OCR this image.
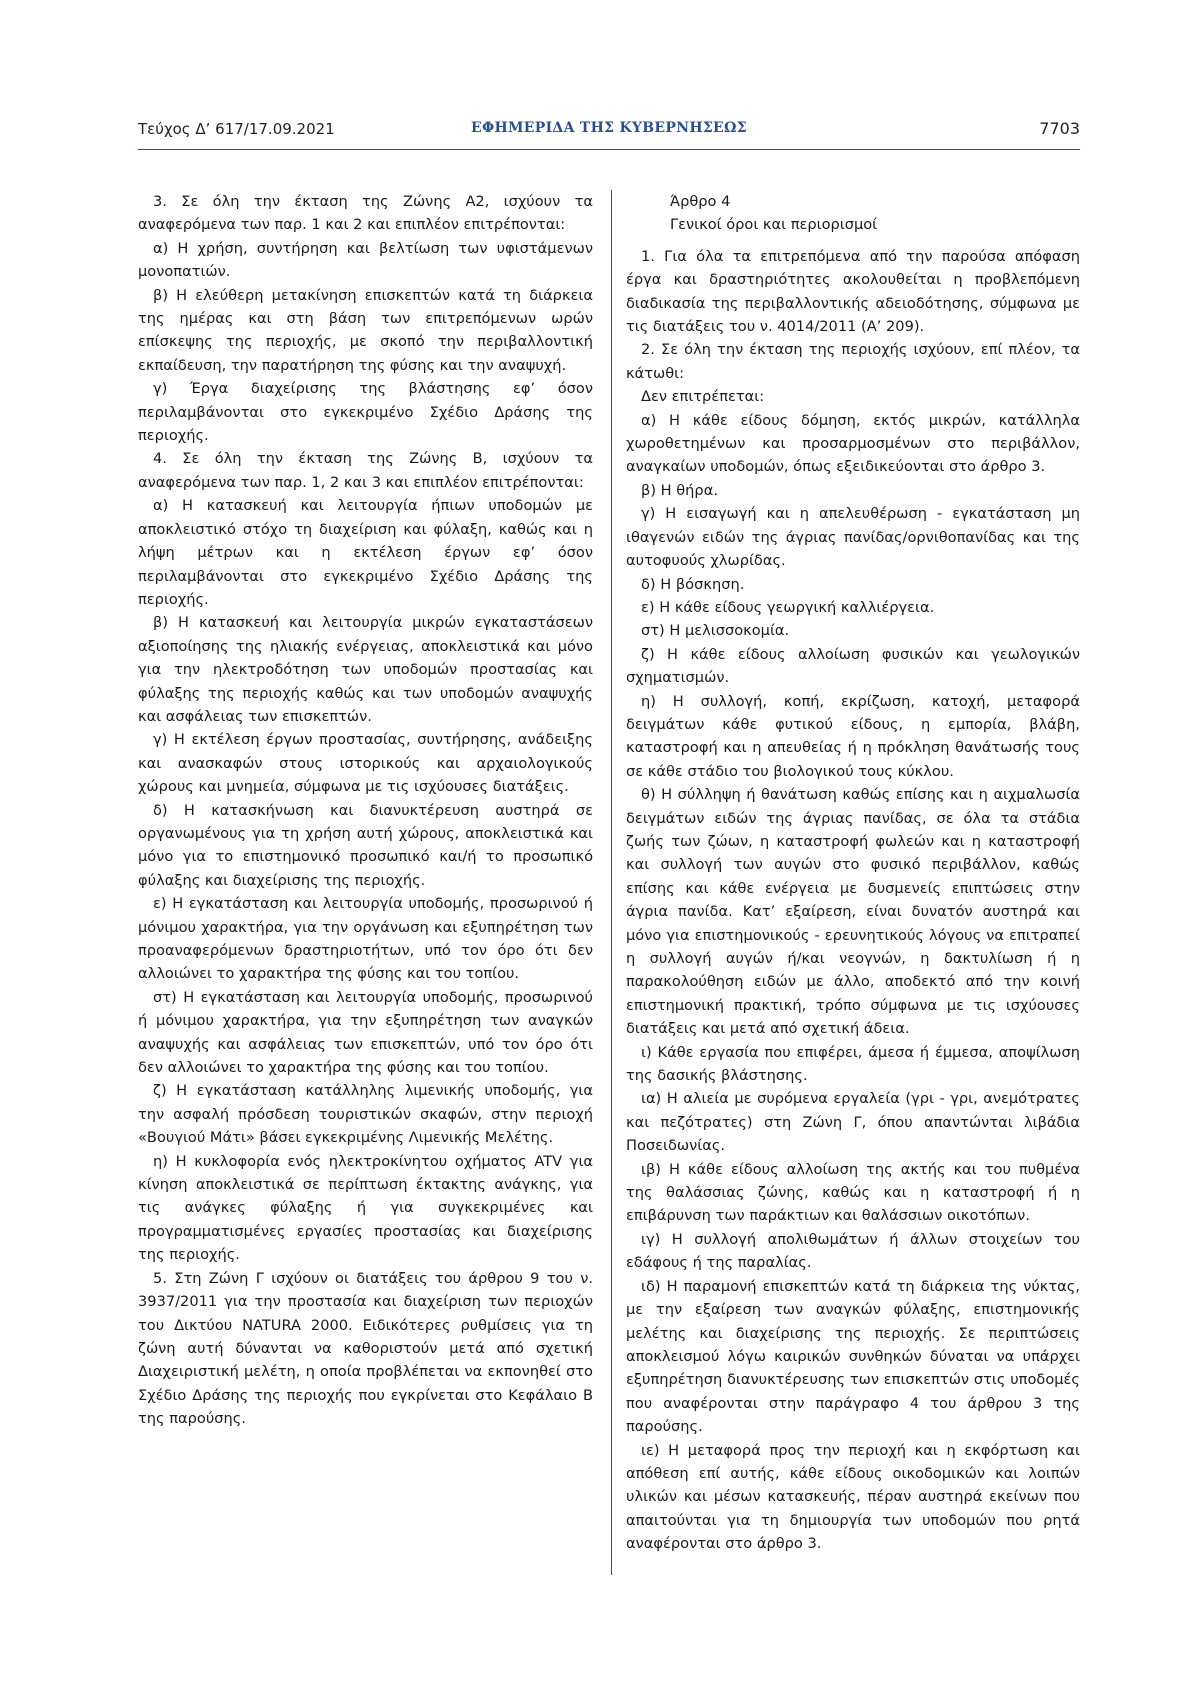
Τεύχος Δ’ 617/17.09.2021	ΕΦΗΜΕΡΙΔΑ ΤΗΣ ΚΥΒΕΡΝΗΣΕΩΣ	7703

3. Σε όλη την έκταση της Ζώνης Α2, ισχύουν τα αναφερόμενα των παρ. 1 και 2 και επιπλέον επιτρέπονται:

α) Η χρήση, συντήρηση και βελτίωση των υφιστάμενων μονοπατιών.

β) Η ελεύθερη μετακίνηση επισκεπτών κατά τη διάρκεια της ημέρας και στη βάση των επιτρεπόμενων ωρών επίσκεψης της περιοχής, με σκοπό την περιβαλλοντική εκπαίδευση, την παρατήρηση της φύσης και την αναψυχή.

γ) Έργα διαχείρισης της βλάστησης εφ’ όσον περιλαμβάνονται στο εγκεκριμένο Σχέδιο Δράσης της περιοχής.

4. Σε όλη την έκταση της Ζώνης Β, ισχύουν τα αναφερόμενα των παρ. 1, 2 και 3 και επιπλέον επιτρέπονται:

α) Η κατασκευή και λειτουργία ήπιων υποδομών με αποκλειστικό στόχο τη διαχείριση και φύλαξη, καθώς και η λήψη μέτρων και η εκτέλεση έργων εφ’ όσον περιλαμβάνονται στο εγκεκριμένο Σχέδιο Δράσης της περιοχής.

β) Η κατασκευή και λειτουργία μικρών εγκαταστάσεων αξιοποίησης της ηλιακής ενέργειας, αποκλειστικά και μόνο για την ηλεκτροδότηση των υποδομών προστασίας και φύλαξης της περιοχής καθώς και των υποδομών αναψυχής και ασφάλειας των επισκεπτών.

γ) Η εκτέλεση έργων προστασίας, συντήρησης, ανάδειξης και ανασκαφών στους ιστορικούς και αρχαιολογικούς χώρους και μνημεία, σύμφωνα με τις ισχύουσες διατάξεις.

δ) Η κατασκήνωση και διανυκτέρευση αυστηρά σε οργανωμένους για τη χρήση αυτή χώρους, αποκλειστικά και μόνο για το επιστημονικό προσωπικό και/ή το προσωπικό φύλαξης και διαχείρισης της περιοχής.

ε) Η εγκατάσταση και λειτουργία υποδομής, προσωρινού ή μόνιμου χαρακτήρα, για την οργάνωση και εξυπηρέτηση των προαναφερόμενων δραστηριοτήτων, υπό τον όρο ότι δεν αλλοιώνει το χαρακτήρα της φύσης και του τοπίου.

στ) Η εγκατάσταση και λειτουργία υποδομής, προσωρινού ή μόνιμου χαρακτήρα, για την εξυπηρέτηση των αναγκών αναψυχής και ασφάλειας των επισκεπτών, υπό τον όρο ότι δεν αλλοιώνει το χαρακτήρα της φύσης και του τοπίου.

ζ) Η εγκατάσταση κατάλληλης λιμενικής υποδομής, για την ασφαλή πρόσδεση τουριστικών σκαφών, στην περιοχή «Βουγιού Μάτι» βάσει εγκεκριμένης Λιμενικής Μελέτης.

η) Η κυκλοφορία ενός ηλεκτροκίνητου οχήματος ATV για κίνηση αποκλειστικά σε περίπτωση έκτακτης ανάγκης, για τις ανάγκες φύλαξης ή για συγκεκριμένες και προγραμματισμένες εργασίες προστασίας και διαχείρισης της περιοχής.

5. Στη Ζώνη Γ ισχύουν οι διατάξεις του άρθρου 9 του ν. 3937/2011 για την προστασία και διαχείριση των περιοχών του Δικτύου NATURA 2000. Ειδικότερες ρυθμίσεις για τη ζώνη αυτή δύνανται να καθοριστούν μετά από σχετική Διαχειριστική μελέτη, η οποία προβλέπεται να εκπονηθεί στο Σχέδιο Δράσης της περιοχής που εγκρίνεται στο Κεφάλαιο Β της παρούσης.

Άρθρο 4

Γενικοί όροι και περιορισμοί

1. Για όλα τα επιτρεπόμενα από την παρούσα απόφαση έργα και δραστηριότητες ακολουθείται η προβλεπόμενη διαδικασία της περιβαλλοντικής αδειοδότησης, σύμφωνα με τις διατάξεις του ν. 4014/2011 (Α’ 209).

2. Σε όλη την έκταση της περιοχής ισχύουν, επί πλέον, τα κάτωθι:

Δεν επιτρέπεται:

α) Η κάθε είδους δόμηση, εκτός μικρών, κατάλληλα χωροθετημένων και προσαρμοσμένων στο περιβάλλον, αναγκαίων υποδομών, όπως εξειδικεύονται στο άρθρο 3.

β) Η θήρα.

γ) Η εισαγωγή και η απελευθέρωση - εγκατάσταση μη ιθαγενών ειδών της άγριας πανίδας/ορνιθοπανίδας και της αυτοφυούς χλωρίδας.

δ) Η βόσκηση.

ε) Η κάθε είδους γεωργική καλλιέργεια.

στ) Η μελισσοκομία.

ζ) Η κάθε είδους αλλοίωση φυσικών και γεωλογικών σχηματισμών.

η) Η συλλογή, κοπή, εκρίζωση, κατοχή, μεταφορά δειγμάτων κάθε φυτικού είδους, η εμπορία, βλάβη, καταστροφή και η απευθείας ή η πρόκληση θανάτωσής τους σε κάθε στάδιο του βιολογικού τους κύκλου.

θ) Η σύλληψη ή θανάτωση καθώς επίσης και η αιχμαλωσία δειγμάτων ειδών της άγριας πανίδας, σε όλα τα στάδια ζωής των ζώων, η καταστροφή φωλεών και η καταστροφή και συλλογή των αυγών στο φυσικό περιβάλλον, καθώς επίσης και κάθε ενέργεια με δυσμενείς επιπτώσεις στην άγρια πανίδα. Κατ’ εξαίρεση, είναι δυνατόν αυστηρά και μόνο για επιστημονικούς - ερευνητικούς λόγους να επιτραπεί η συλλογή αυγών ή/και νεογνών, η δακτυλίωση ή η παρακολούθηση ειδών με άλλο, αποδεκτό από την κοινή επιστημονική πρακτική, τρόπο σύμφωνα με τις ισχύουσες διατάξεις και μετά από σχετική άδεια.

ι) Κάθε εργασία που επιφέρει, άμεσα ή έμμεσα, αποψίλωση της δασικής βλάστησης.

ια) Η αλιεία με συρόμενα εργαλεία (γρι - γρι, ανεμότρατες και πεζότρατες) στη Ζώνη Γ, όπου απαντώνται λιβάδια Ποσειδωνίας.

ιβ) Η κάθε είδους αλλοίωση της ακτής και του πυθμένα της θαλάσσιας ζώνης, καθώς και η καταστροφή ή η επιβάρυνση των παράκτιων και θαλάσσιων οικοτόπων.

ιγ) Η συλλογή απολιθωμάτων ή άλλων στοιχείων του εδάφους ή της παραλίας.

ιδ) Η παραμονή επισκεπτών κατά τη διάρκεια της νύκτας, με την εξαίρεση των αναγκών φύλαξης, επιστημονικής μελέτης και διαχείρισης της περιοχής. Σε περιπτώσεις αποκλεισμού λόγω καιρικών συνθηκών δύναται να υπάρχει εξυπηρέτηση διανυκτέρευσης των επισκεπτών στις υποδομές που αναφέρονται στην παράγραφο 4 του άρθρου 3 της παρούσης.

ιε) Η μεταφορά προς την περιοχή και η εκφόρτωση και απόθεση επί αυτής, κάθε είδους οικοδομικών και λοιπών υλικών και μέσων κατασκευής, πέραν αυστηρά εκείνων που απαιτούνται για τη δημιουργία των υποδομών που ρητά αναφέρονται στο άρθρο 3.
